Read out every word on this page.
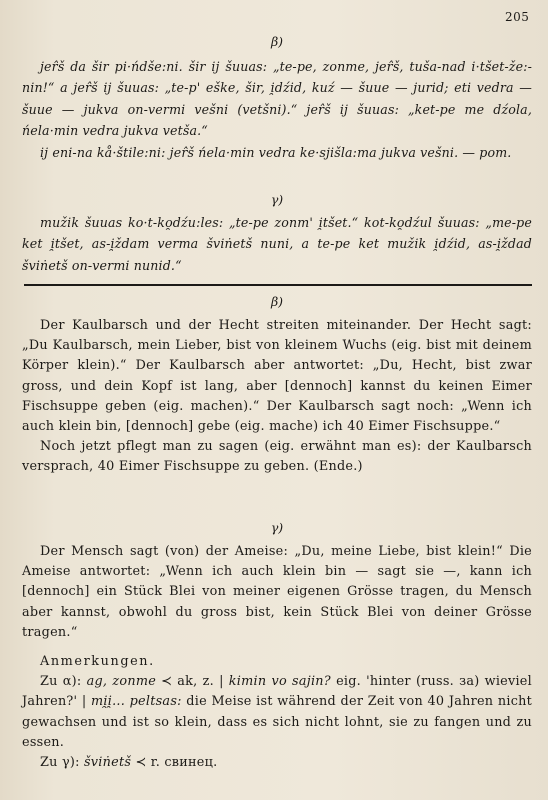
205
β)

jer̂š da šir pi·ńdše:ni. šir ij šuuas: „te-pe, zonme, jer̂š, tuša-nad i·tšet-že:-nin!“ a jer̂š ij šuuas: „te-p' eške, šir, i̯dźid, kuź — šuue — jurid; eti vedra — šuue — jukva on-vermi vešni (vetšni).“ jer̂š ij šuuas: „ket-pe me dźola, ńela·min vedra jukva vetša.“

ij eni-na kå·štile:ni: jer̂š ńela·min vedra ke·sjišla:ma jukva vešni. — pom.

γ)

mužik šuuas ko·t-ko̯dźu:les: „te-pe zonm' i̯tšet.“ kot-ko̯dźul šuuas: „me-pe ket i̯tšet, as-i̯ždam verma šviṅetš nuni, a te-pe ket mužik i̯dźid, as-i̯ždad šviṅetš on-vermi nunid.“

β)

Der Kaulbarsch und der Hecht streiten miteinander. Der Hecht sagt: „Du Kaulbarsch, mein Lieber, bist von kleinem Wuchs (eig. bist mit deinem Körper klein).“ Der Kaulbarsch aber antwortet: „Du, Hecht, bist zwar gross, und dein Kopf ist lang, aber [dennoch] kannst du keinen Eimer Fischsuppe geben (eig. machen).“ Der Kaulbarsch sagt noch: „Wenn ich auch klein bin, [dennoch] gebe (eig. mache) ich 40 Eimer Fischsuppe.“

Noch jetzt pflegt man zu sagen (eig. erwähnt man es): der Kaulbarsch versprach, 40 Eimer Fischsuppe zu geben. (Ende.)

γ)

Der Mensch sagt (von) der Ameise: „Du, meine Liebe, bist klein!“ Die Ameise antwortet: „Wenn ich auch klein bin — sagt sie —, kann ich [dennoch] ein Stück Blei von meiner eigenen Grösse tragen, du Mensch aber kannst, obwohl du gross bist, kein Stück Blei von deiner Grösse tragen.“

Anmerkungen.

Zu α): ag, zonme ≺ ak, z. | kimin vo sajin? eig. 'hinter (russ. за) wieviel Jahren?' | mi̯i̯... peltsas: die Meise ist während der Zeit von 40 Jahren nicht gewachsen und ist so klein, dass es sich nicht lohnt, sie zu fangen und zu essen.

Zu γ): šviṅetš ≺ r. свинец.
